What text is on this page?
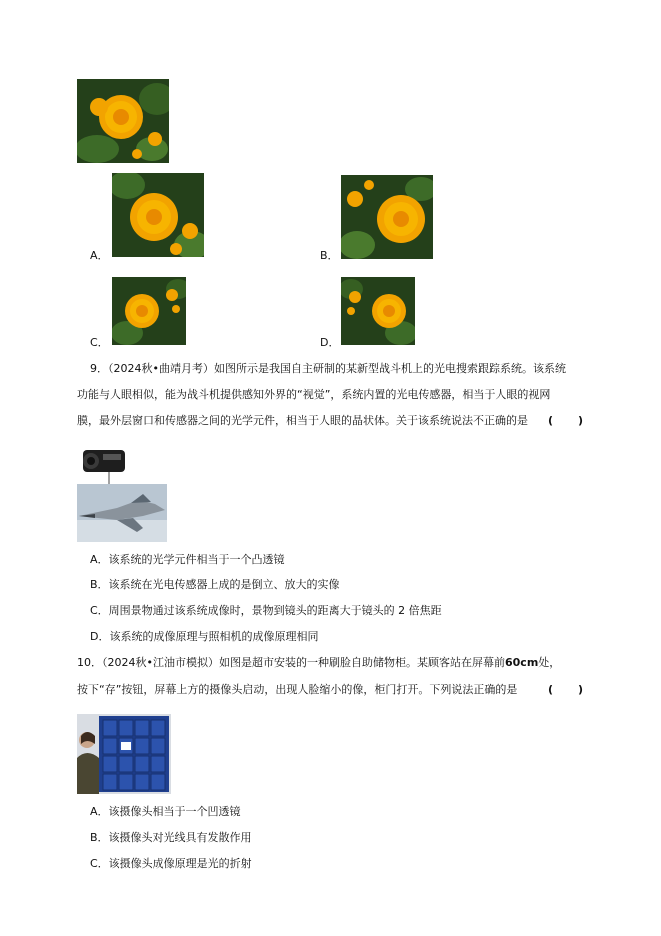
A．	B．
C．	D．
9．（2024秋•曲靖月考）如图所示是我国自主研制的某新型战斗机上的光电搜索跟踪系统。该系统
功能与人眼相似，能为战斗机提供感知外界的“视觉”，系统内置的光电传感器，相当于人眼的视网
膜，最外层窗口和传感器之间的光学元件，相当于人眼的晶状体。关于该系统说法不正确的是 ( )
A．该系统的光学元件相当于一个凸透镜
B．该系统在光电传感器上成的是倒立、放大的实像
C．周围景物通过该系统成像时，景物到镜头的距离大于镜头的 2 倍焦距
D．该系统的成像原理与照相机的成像原理相同
10．（2024秋•江油市模拟）如图是超市安装的一种刷脸自助储物柜。某顾客站在屏幕前60cm处，
按下“存”按钮，屏幕上方的摄像头启动，出现人脸缩小的像，柜门打开。下列说法正确的是	( )
A．该摄像头相当于一个凹透镜
B．该摄像头对光线具有发散作用
C．该摄像头成像原理是光的折射
